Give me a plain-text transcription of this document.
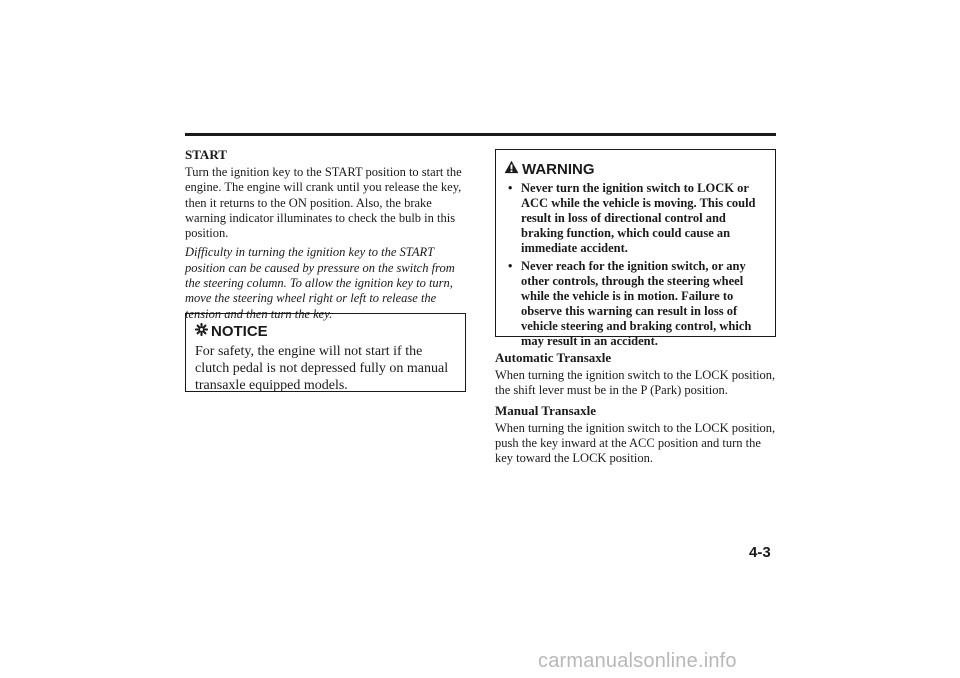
START

Turn the ignition key to the START position to start the engine. The engine will crank until you release the key, then it returns to the ON position. Also, the brake warning indicator illuminates to check the bulb in this position.

Difficulty in turning the ignition key to the START position can be caused by pressure on the switch from the steering column. To allow the ignition key to turn, move the steering wheel right or left to release the tension and then turn the key.

NOTICE
For safety, the engine will not start if the clutch pedal is not depressed fully on manual transaxle equipped models.
WARNING
• Never turn the ignition switch to LOCK or ACC while the vehicle is moving. This could result in loss of directional control and braking function, which could cause an immediate accident.
• Never reach for the ignition switch, or any other controls, through the steering wheel while the vehicle is in motion. Failure to observe this warning can result in loss of vehicle steering and braking control, which may result in an accident.
Automatic Transaxle

When turning the ignition switch to the LOCK position, the shift lever must be in the P (Park) position.

Manual Transaxle

When turning the ignition switch to the LOCK position, push the key inward at the ACC position and turn the key toward the LOCK position.

4-3
carmanualsonline.info
